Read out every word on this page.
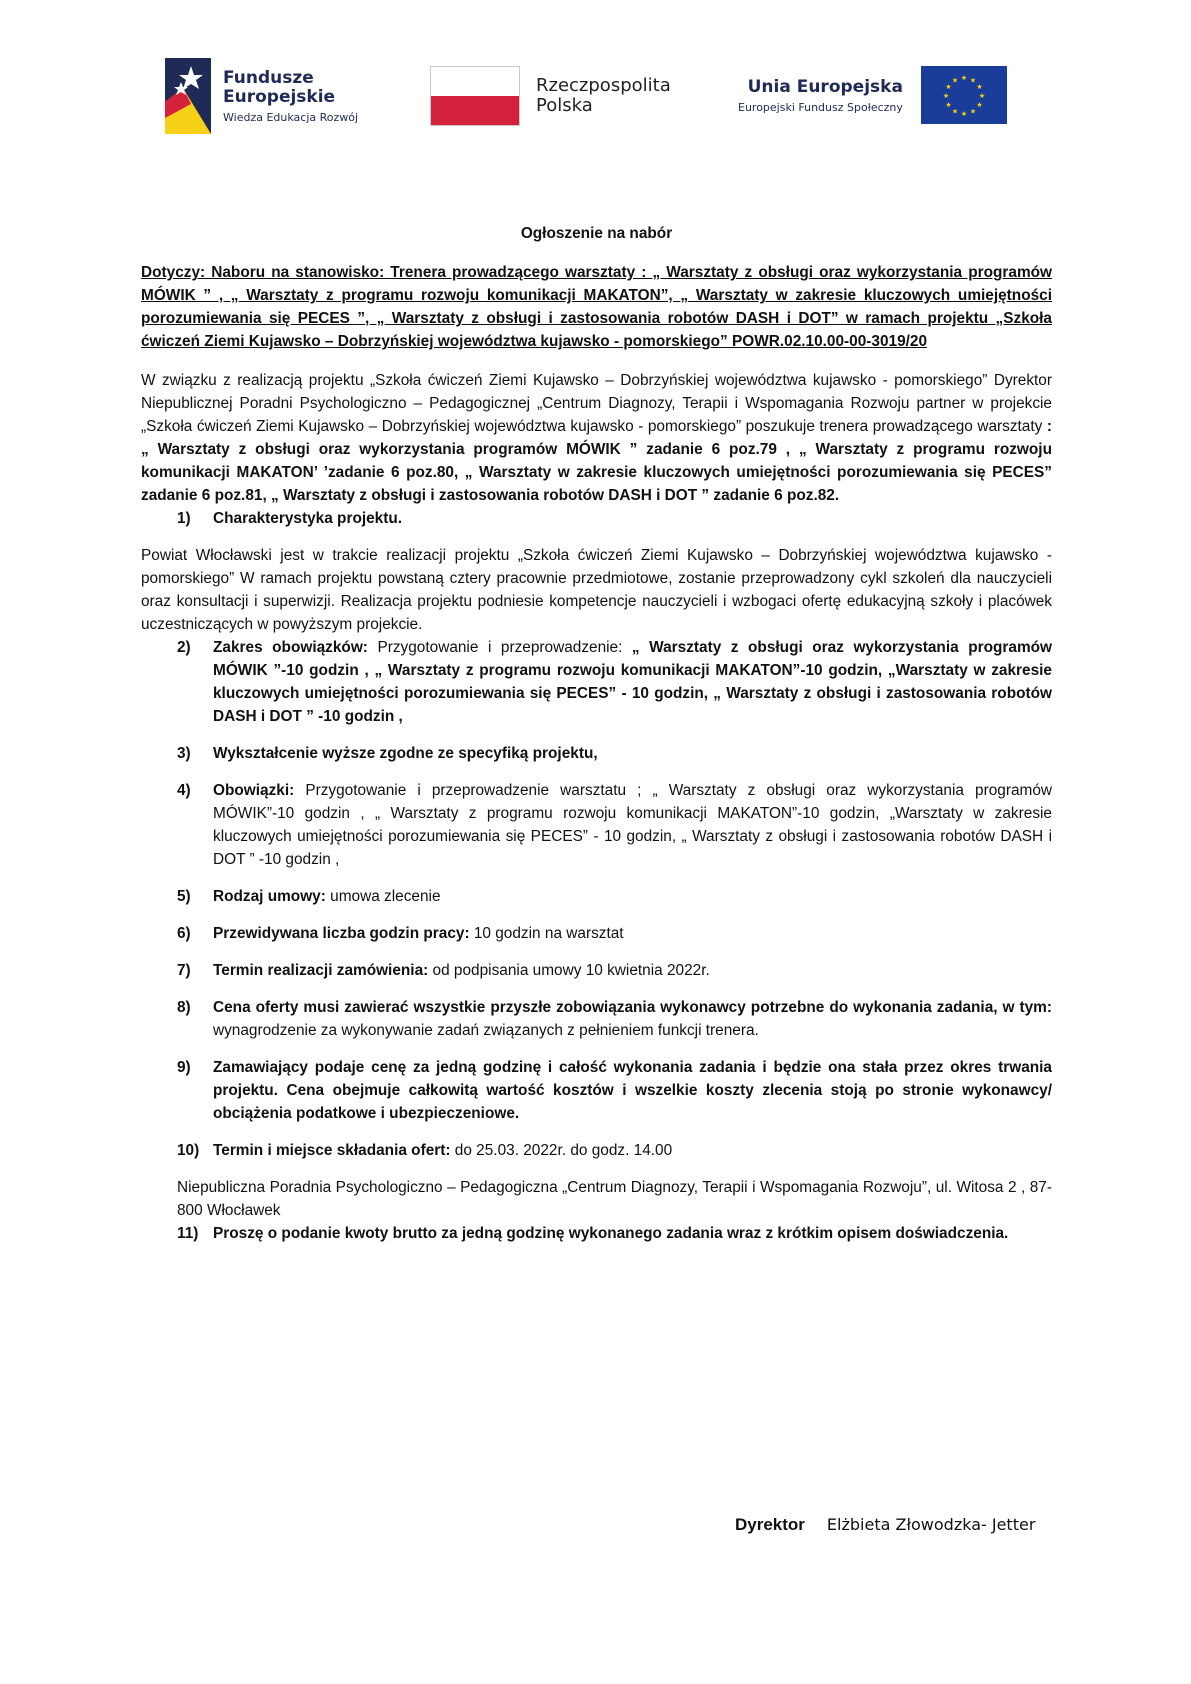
Fundusze
Europejskie
Wiedza Edukacja Rozwój
Rzeczpospolita
Polska
Unia Europejska
Europejski Fundusz Społeczny
★ ★
★
★
★
★
★
★
★
★
★
★
Ogłoszenie na nabór

Dotyczy: Naboru na stanowisko: Trenera prowadzącego warsztaty : „ Warsztaty z obsługi oraz wykorzystania programów MÓWIK ” , „ Warsztaty z programu rozwoju komunikacji MAKATON”, „ Warsztaty w zakresie kluczowych umiejętności porozumiewania się PECES ”, „ Warsztaty z obsługi i zastosowania robotów DASH i DOT” w ramach projektu „Szkoła ćwiczeń Ziemi Kujawsko – Dobrzyńskiej województwa kujawsko - pomorskiego” POWR.02.10.00-00-3019/20

W związku z realizacją projektu „Szkoła ćwiczeń Ziemi Kujawsko – Dobrzyńskiej województwa kujawsko - pomorskiego” Dyrektor Niepublicznej Poradni Psychologiczno – Pedagogicznej „Centrum Diagnozy, Terapii i Wspomagania Rozwoju partner w projekcie „Szkoła ćwiczeń Ziemi Kujawsko – Dobrzyńskiej województwa kujawsko - pomorskiego” poszukuje trenera prowadzącego warsztaty : „ Warsztaty z obsługi oraz wykorzystania programów MÓWIK ” zadanie 6 poz.79 , „ Warsztaty z programu rozwoju komunikacji MAKATON’ ’zadanie 6 poz.80, „ Warsztaty w zakresie kluczowych umiejętności porozumiewania się PECES” zadanie 6 poz.81, „ Warsztaty z obsługi i zastosowania robotów DASH i DOT ” zadanie 6 poz.82.

1)	Charakterystyka projektu.

Powiat Włocławski jest w trakcie realizacji projektu „Szkoła ćwiczeń Ziemi Kujawsko – Dobrzyńskiej województwa kujawsko - pomorskiego” W ramach projektu powstaną cztery pracownie przedmiotowe, zostanie przeprowadzony cykl szkoleń dla nauczycieli oraz konsultacji i superwizji. Realizacja projektu podniesie kompetencje nauczycieli i wzbogaci ofertę edukacyjną szkoły i placówek uczestniczących w powyższym projekcie.

2)	Zakres obowiązków: Przygotowanie i przeprowadzenie: „ Warsztaty z obsługi oraz wykorzystania programów MÓWIK ”-10 godzin , „ Warsztaty z programu rozwoju komunikacji MAKATON”-10 godzin, „Warsztaty w zakresie kluczowych umiejętności porozumiewania się PECES” - 10 godzin, „ Warsztaty z obsługi i zastosowania robotów DASH i DOT ” -10 godzin ,
3)	Wykształcenie wyższe zgodne ze specyfiką projektu,
4)	Obowiązki: Przygotowanie i przeprowadzenie warsztatu ; „ Warsztaty z obsługi oraz wykorzystania programów MÓWIK”-10 godzin , „ Warsztaty z programu rozwoju komunikacji MAKATON”-10 godzin, „Warsztaty w zakresie kluczowych umiejętności porozumiewania się PECES” - 10 godzin, „ Warsztaty z obsługi i zastosowania robotów DASH i DOT ” -10 godzin ,
5)	Rodzaj umowy: umowa zlecenie
6)	Przewidywana liczba godzin pracy: 10 godzin na warsztat
7)	Termin realizacji zamówienia: od podpisania umowy 10 kwietnia 2022r.
8)	Cena oferty musi zawierać wszystkie przyszłe zobowiązania wykonawcy potrzebne do wykonania zadania, w tym: wynagrodzenie za wykonywanie zadań związanych z pełnieniem funkcji trenera.
9)	Zamawiający podaje cenę za jedną godzinę i całość wykonania zadania i będzie ona stała przez okres trwania projektu. Cena obejmuje całkowitą wartość kosztów i wszelkie koszty zlecenia stoją po stronie wykonawcy/ obciążenia podatkowe i ubezpieczeniowe.
10) Termin i miejsce składania ofert: do 25.03. 2022r. do godz. 14.00

Niepubliczna Poradnia Psychologiczno – Pedagogiczna „Centrum Diagnozy, Terapii i Wspomagania Rozwoju”, ul. Witosa 2 , 87-800 Włocławek

11) Proszę o podanie kwoty brutto za jedną godzinę wykonanego zadania wraz z krótkim opisem doświadczenia.
Dyrektor Elżbieta Złowodzka- Jetter
